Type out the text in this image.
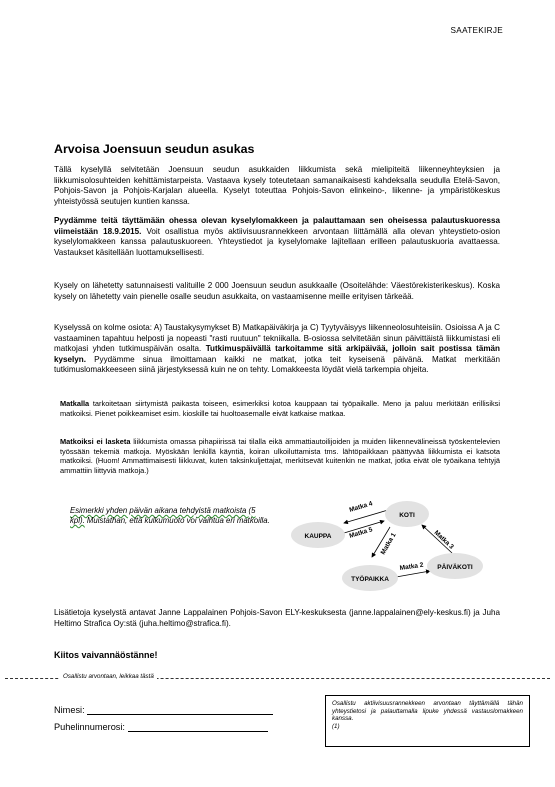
SAATEKIRJE
Arvoisa Joensuun seudun asukas
Tällä kyselyllä selvitetään Joensuun seudun asukkaiden liikkumista sekä mielipiteitä liikenneyhteyksien ja liikkumisolosuhteiden kehittämistarpeista. Vastaava kysely toteutetaan samanaikaisesti kahdeksalla seudulla Etelä-Savon, Pohjois-Savon ja Pohjois-Karjalan alueella. Kyselyt toteuttaa Pohjois-Savon elinkeino-, liikenne- ja ympäristökeskus yhteistyössä seutujen kuntien kanssa.
Pyydämme teitä täyttämään ohessa olevan kyselylomakkeen ja palauttamaan sen oheisessa palautuskuoressa viimeistään 18.9.2015. Voit osallistua myös aktiivisuusrannekkeen arvontaan liittämällä alla olevan yhteystieto-osion kyselylomakkeen kanssa palautuskuoreen. Yhteystiedot ja kyselylomake lajitellaan erilleen palautuskuoria avattaessa. Vastaukset käsitellään luottamuksellisesti.
Kysely on lähetetty satunnaisesti valituille 2 000 Joensuun seudun asukkaalle (Osoitelähde: Väestörekisterikeskus). Koska kysely on lähetetty vain pienelle osalle seudun asukkaita, on vastaamisenne meille erityisen tärkeää.
Kyselyssä on kolme osiota: A) Taustakysymykset B) Matkapäiväkirja ja C) Tyytyväisyys liikenneolosuhteisiin. Osioissa A ja C vastaaminen tapahtuu helposti ja nopeasti "rasti ruutuun" tekniikalla. B-osiossa selvitetään sinun päivittäistä liikkumistasi eli matkojasi yhden tutkimuspäivän osalta. Tutkimuspäivällä tarkoitamme sitä arkipäivää, jolloin sait postissa tämän kyselyn. Pyydämme sinua ilmoittamaan kaikki ne matkat, jotka teit kyseisenä päivänä. Matkat merkitään tutkimuslomakkeeseen siinä järjestyksessä kuin ne on tehty. Lomakkeesta löydät vielä tarkempia ohjeita.
Matkalla tarkoitetaan siirtymistä paikasta toiseen, esimerkiksi kotoa kauppaan tai työpaikalle. Meno ja paluu merkitään erillisiksi matkoiksi. Pienet poikkeamiset esim. kioskille tai huoltoasemalle eivät katkaise matkaa.
Matkoiksi ei lasketa liikkumista omassa pihapiirissä tai tilalla eikä ammattiautoilijoiden ja muiden liikennevälineissä työskentelevien työssään tekemiä matkoja. Myöskään lenkillä käyntiä, koiran ulkoiluttamista tms. lähtöpaikkaan päättyvää liikkumista ei katsota matkoiksi. (Huom! Ammattimaisesti liikkuvat, kuten taksinkuljettajat, merkitsevät kuitenkin ne matkat, jotka eivät ole työaikana tehtyjä ammattiin liittyviä matkoja.)
Esimerkki yhden päivän aikana tehdyistä matkoista (5 kpl). Muistathan, että kulkumuoto voi vaihtua eri matkoilla.
Matka 4
Matka 5 Matka 1
Matka 2
Matka 3
KOTI
KAUPPA
TYÖPAIKKA
PÄIVÄKOTI
Lisätietoja kyselystä antavat Janne Lappalainen Pohjois-Savon ELY-keskuksesta (janne.lappalainen@ely-keskus.fi) ja Juha Heltimo Strafica Oy:stä (juha.heltimo@strafica.fi).
Kiitos vaivannäöstänne!
Osallistu arvontaan, leikkaa tästä
Nimesi:
Puhelinnumerosi:
Osallistu aktiivisuusrannekkeen arvontaan täyttämällä tähän yhteystietosi ja palauttamalla lipuke yhdessä vastauslomakkeen kanssa.
(1)
